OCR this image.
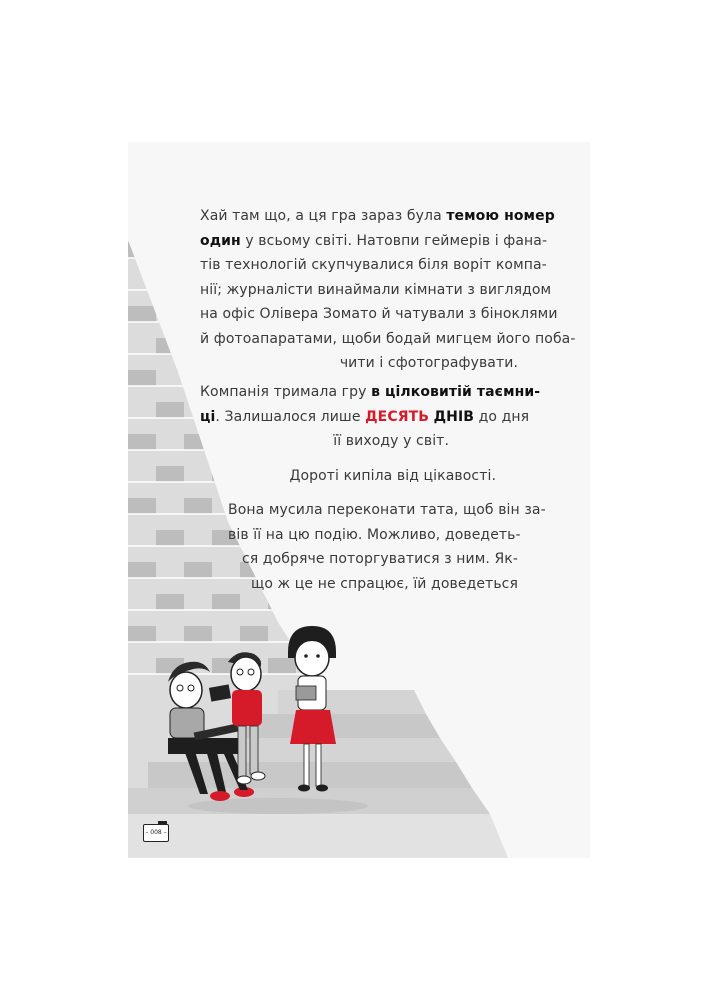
Хай там що, а ця гра зараз була темою номер
один у всьому світі. Натовпи геймерів і фана-
тів технологій скупчувалися біля воріт компа-
нії; журналісти винаймали кімнати з виглядом
на офіс Олівера Зомато й чатували з біноклями
й фотоапаратами, щоби бодай мигцем його поба-
чити і сфотографувати.
Компанія тримала гру в цілковитій таємни-
ці. Залишалося лише ДЕСЯТЬ ДНІВ до дня
її виходу у світ.
Дороті кипіла від цікавості.
Вона мусила переконати тата, щоб він за-
вів її на цю подію. Можливо, доведеть-
ся добряче поторгуватися з ним. Як-
що ж це не спрацює, їй доведеться
– 008 –
